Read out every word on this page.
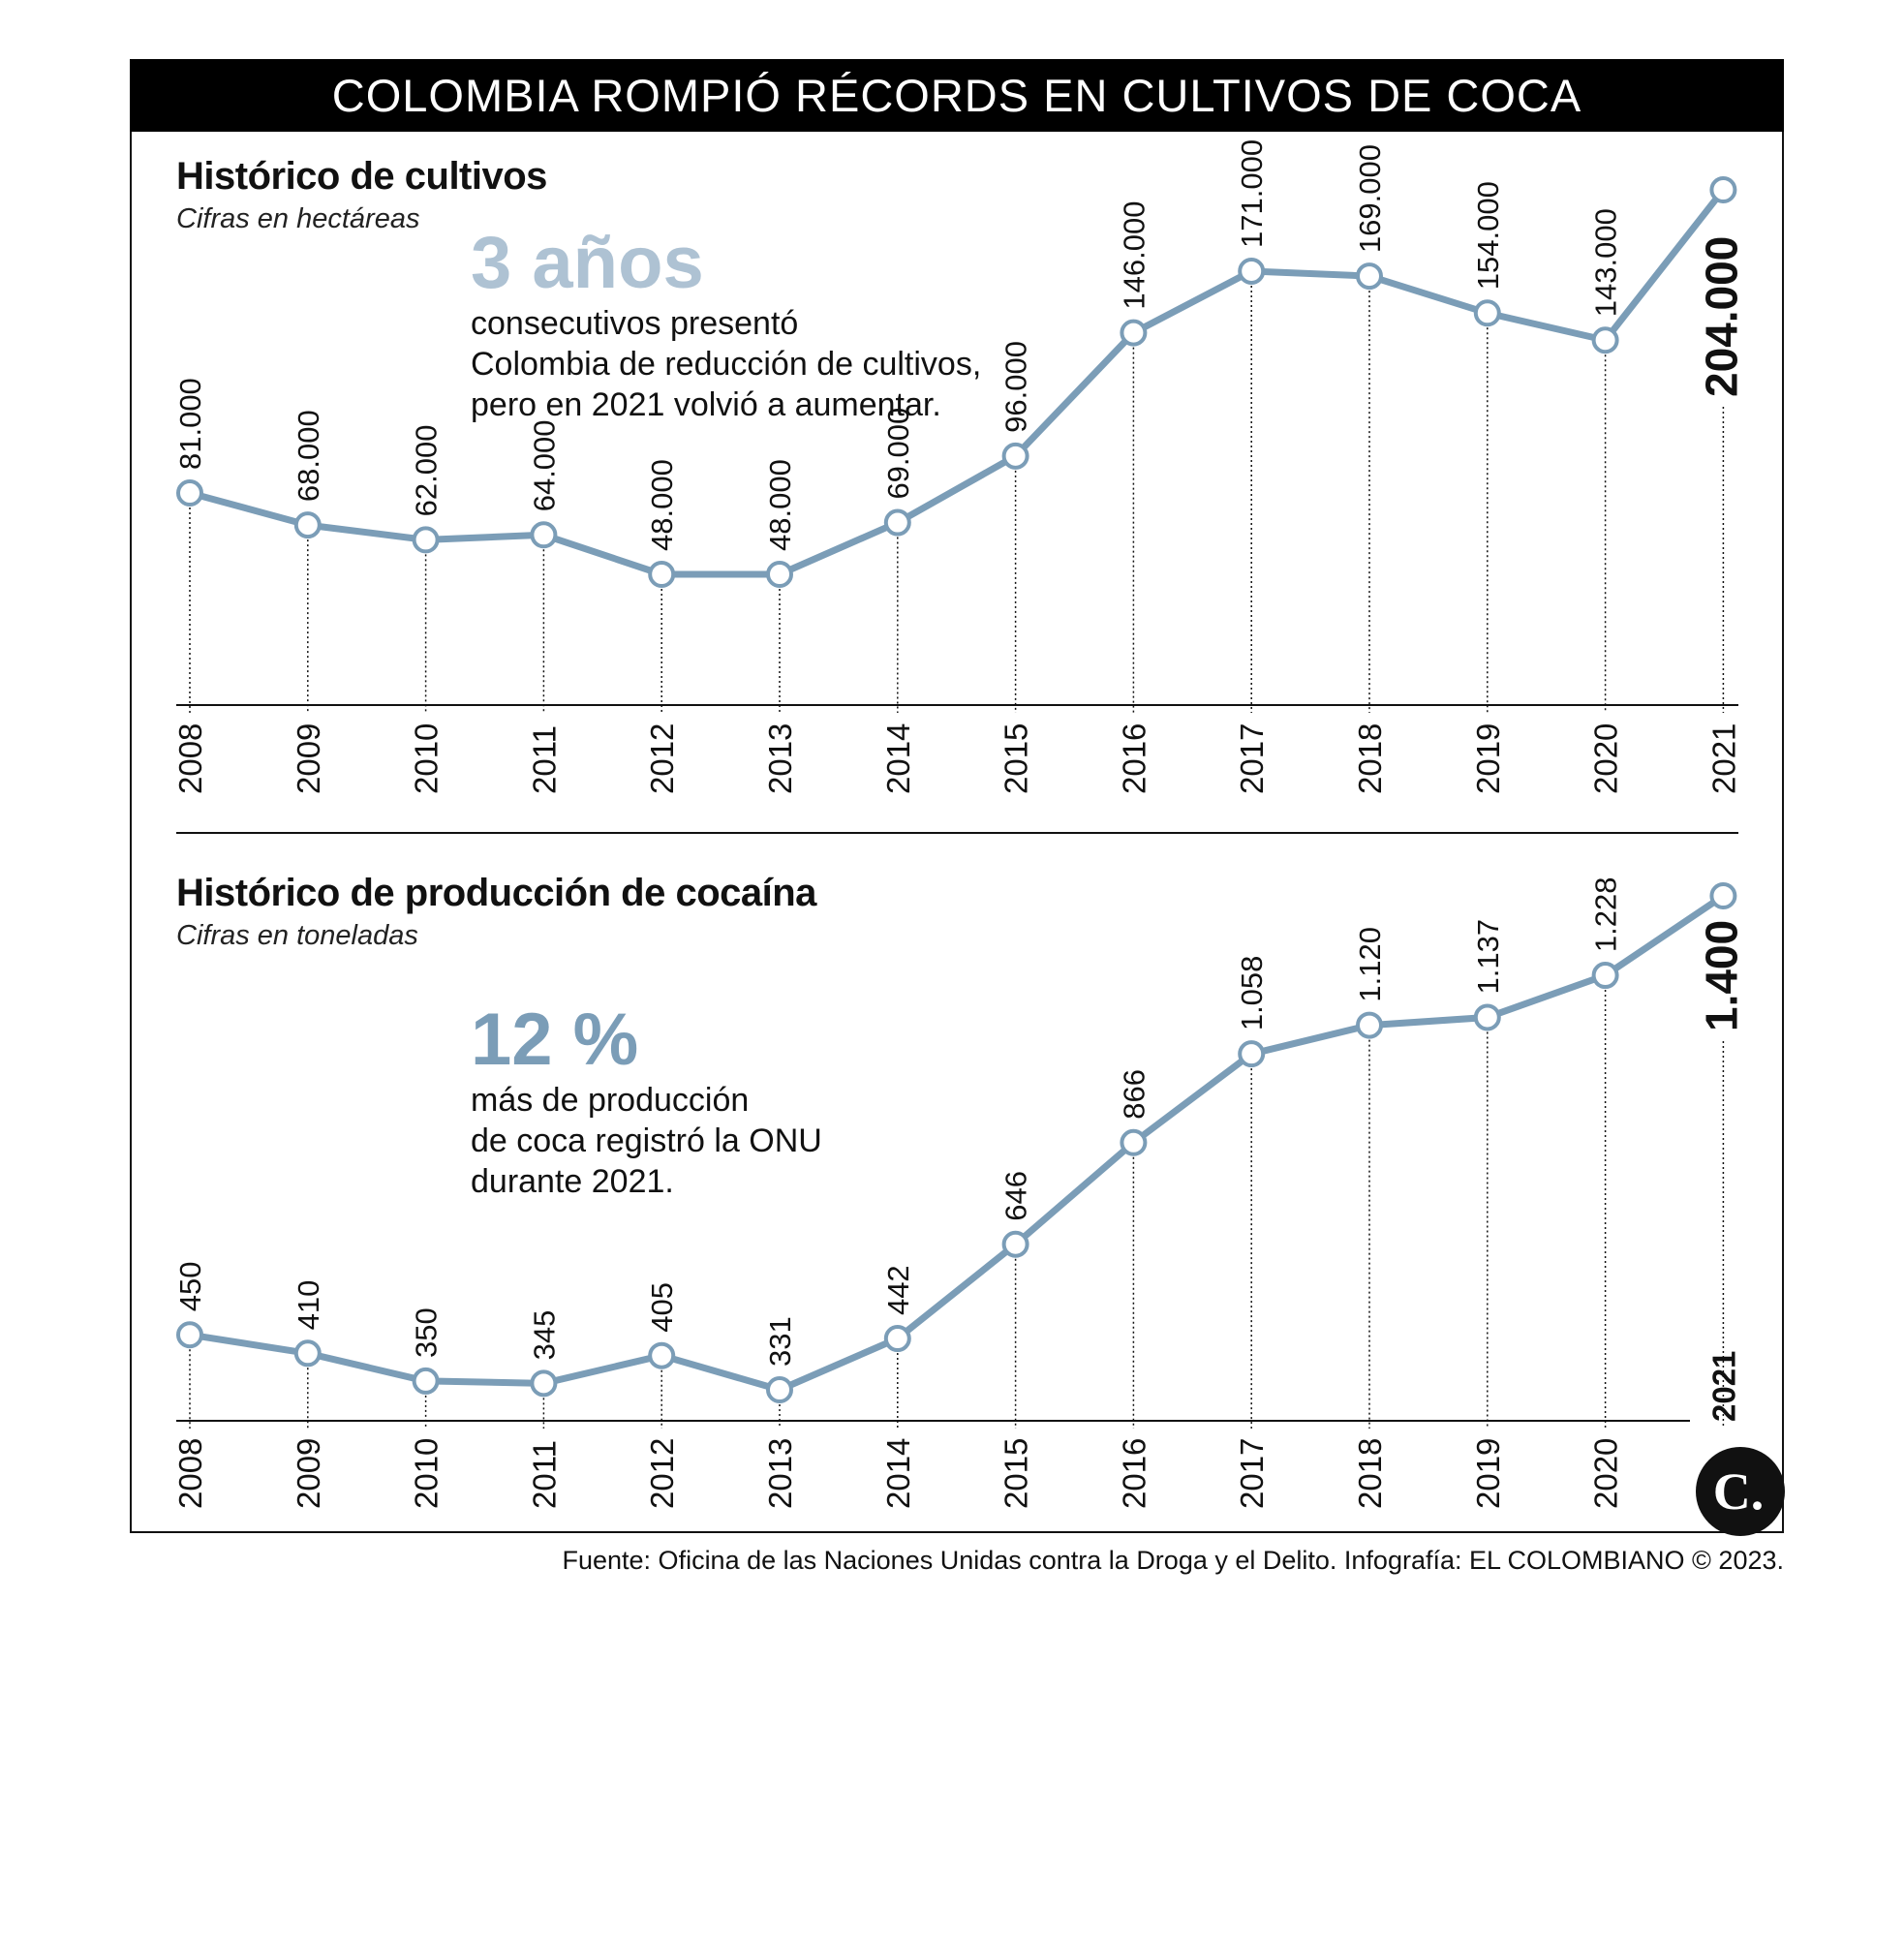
COLOMBIA ROMPIÓ RÉCORDS EN CULTIVOS DE COCA
Histórico de cultivos
Cifras en hectáreas
3 años
consecutivos presentó
Colombia de reducción de cultivos,
pero en 2021 volvió a aumentar.
Histórico de producción de cocaína
Cifras en toneladas
12 %
más de producción
de coca registró la ONU
durante 2021.
81.000	68.000	62.000	64.000	48.000	48.000
69.000
96.000
146.000
171.000	169.000	154.000	143.000 204.000
2008	2009	2010	2011	2012	2013	2014	2015	2016	2017	2018	2019	2020	2021
450	410
350	345
405
331
442
646
866
1.058	1.120	1.137
1.228
1.400
2008	2009	2010	2011	2012	2013	2014	2015	2016	2017	2018	2019	2020
2021
C.
Fuente: Oficina de las Naciones Unidas contra la Droga y el Delito. Infografía: EL COLOMBIANO © 2023.
